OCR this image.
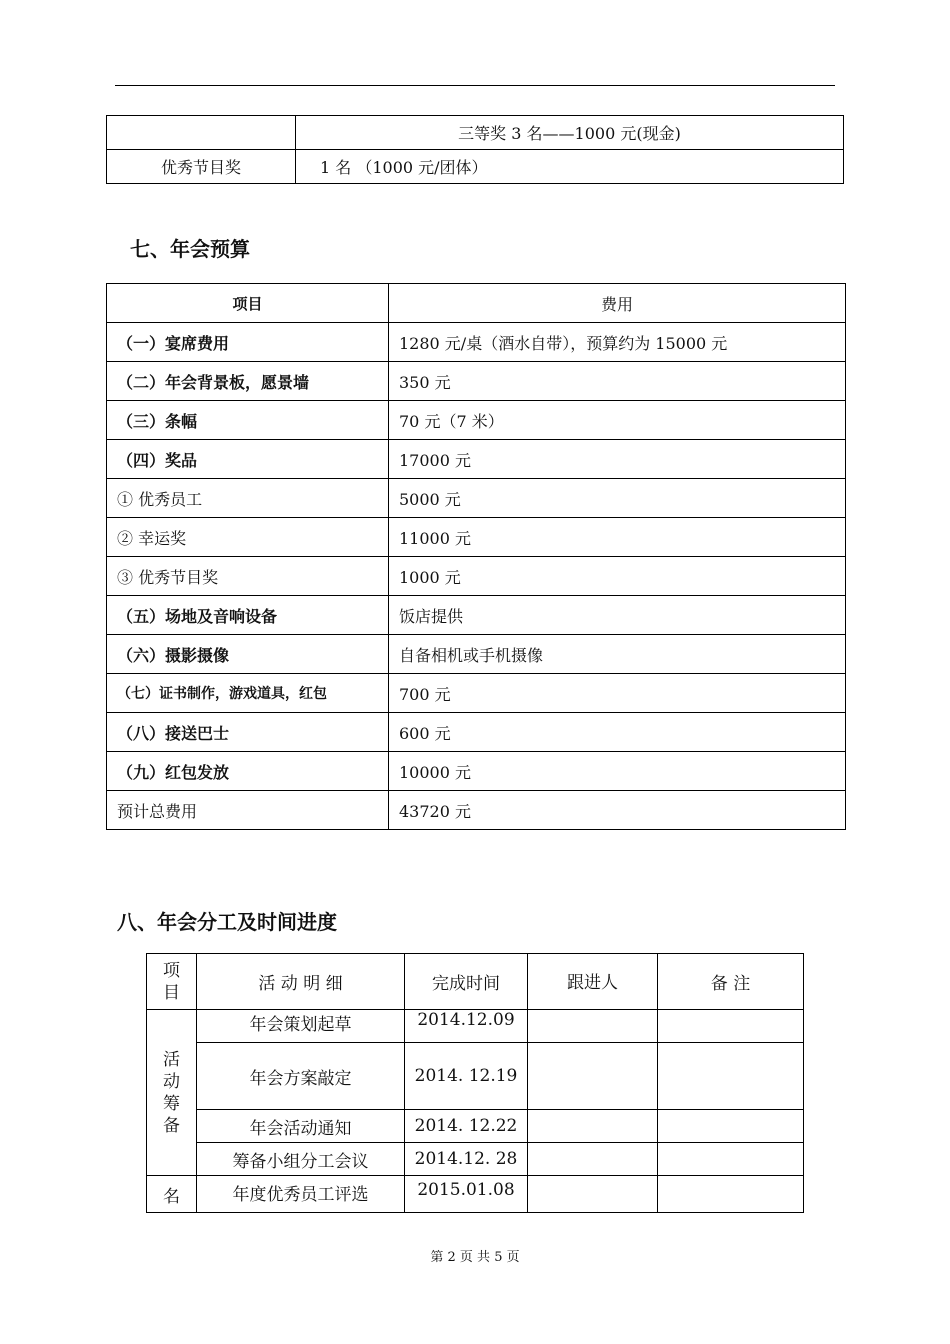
	三等奖 3 名——1000 元(现金)
优秀节目奖	1 名 （1000 元/团体）
七、年会预算
项目	费用
（一）宴席费用	1280 元/桌（酒水自带），预算约为 15000 元
（二）年会背景板，愿景墙	350 元
（三）条幅	70 元（7 米）
（四）奖品	17000 元
① 优秀员工	5000 元
② 幸运奖	11000 元
③ 优秀节目奖	1000 元
（五）场地及音响设备	饭店提供
（六）摄影摄像	自备相机或手机摄像
（七）证书制作，游戏道具，红包	700 元
（八）接送巴士	600 元
（九）红包发放	10000 元
预计总费用	43720 元
八、年会分工及时间进度
项
目	活 动 明 细	完成时间	跟进人	备 注
活
动
筹
备	年会策划起草	2014.12.09		
	年会方案敲定	2014. 12.19		
	年会活动通知	2014. 12.22		
	筹备小组分工会议	2014.12. 28		
名	年度优秀员工评选	2015.01.08		
第 2 页 共 5 页
